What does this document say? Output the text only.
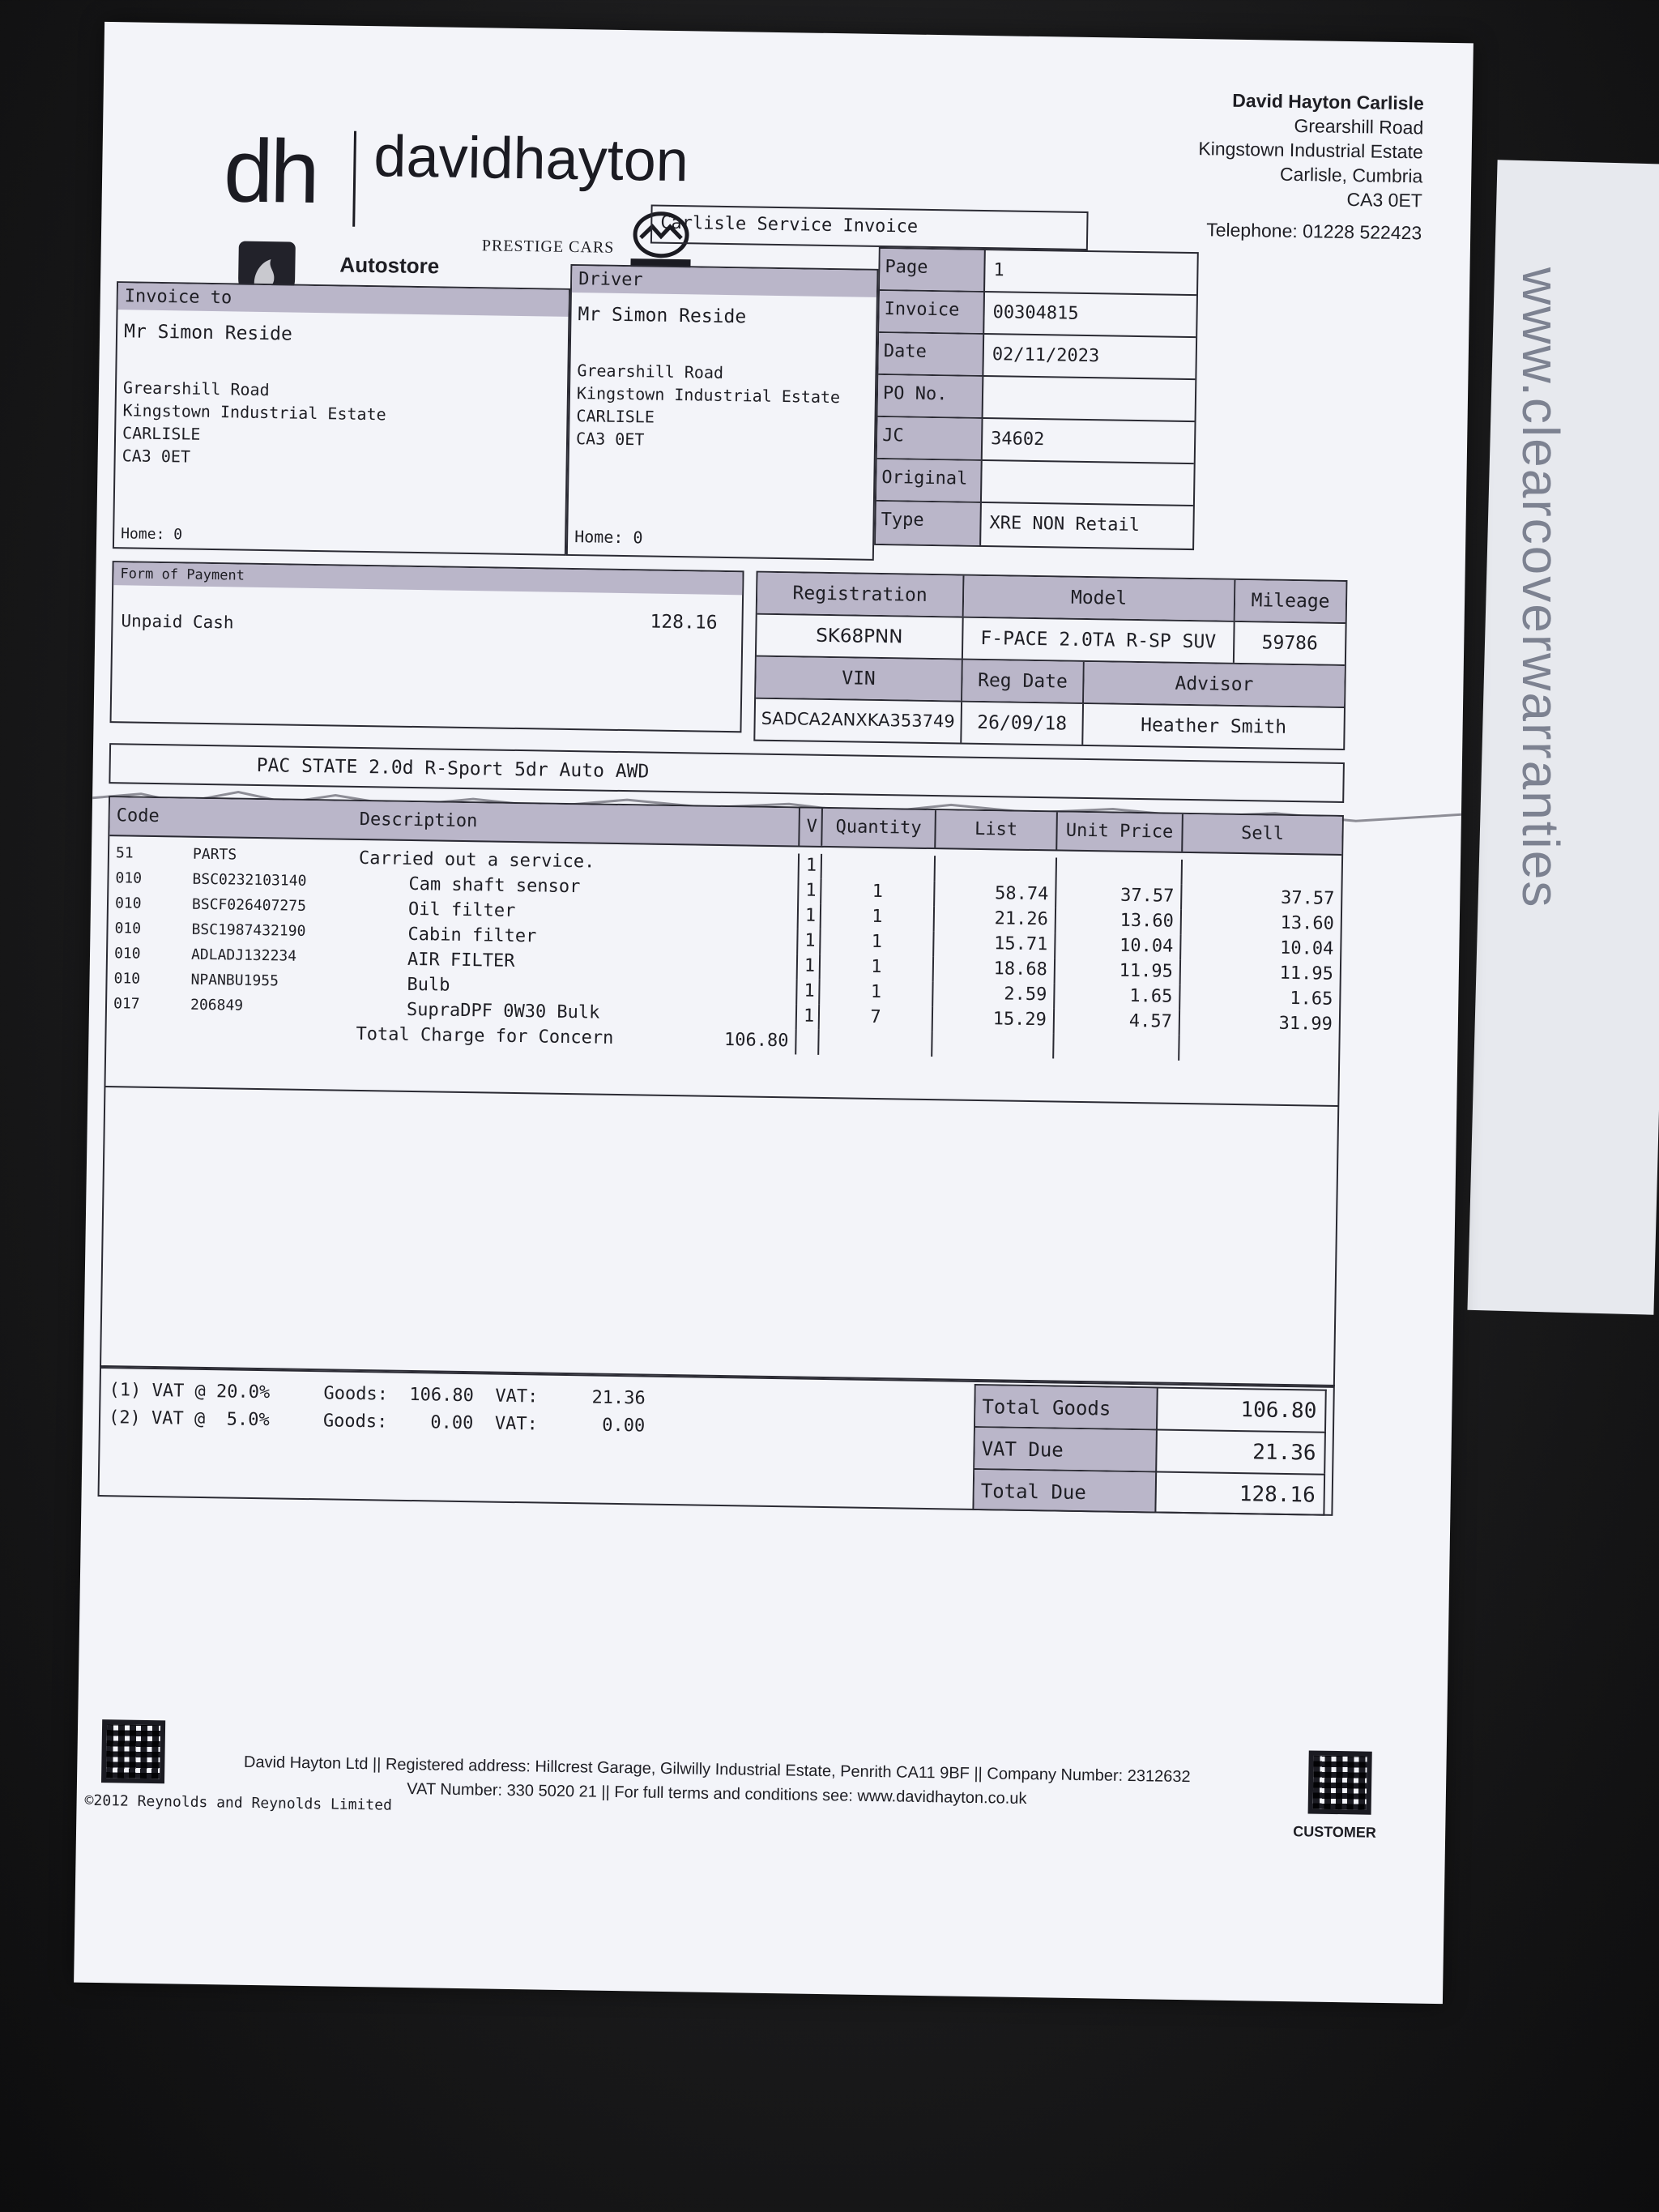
www.clearcoverwarranties
dh davidhayton
Autostore
PRESTIGE CARS
David Hayton Carlisle
Grearshill Road
Kingstown Industrial Estate
Carlisle, Cumbria
CA3 0ET
Telephone: 01228 522423
Carlisle Service Invoice
Page	1
Invoice	00304815
Date	02/11/2023
PO No.
JC	34602
Original
Type	XRE NON Retail
Invoice to
Mr Simon Reside
Grearshill Road
Kingstown Industrial Estate
CARLISLE
CA3 0ET
Home: 0
Driver
Mr Simon Reside
Grearshill Road
Kingstown Industrial Estate
CARLISLE
CA3 0ET
Home: 0
Form of Payment
Unpaid Cash	128.16
Registration	Model	Mileage
SK68PNN	F-PACE 2.0TA R-SP SUV	59786
VIN	Reg Date	Advisor
SADCA2ANXKA353749	26/09/18	Heather Smith
PAC STATE 2.0d R-Sport 5dr Auto AWD
Code	Description	V	Quantity	List	Unit Price	Sell
51	PARTS	Carried out a service.	1
010	BSC0232103140	Cam shaft sensor	1	1	58.74	37.57	37.57
010	BSCF026407275	Oil filter	1	1	21.26	13.60	13.60
010	BSC1987432190	Cabin filter	1	1	15.71	10.04	10.04
010	ADLADJ132234	AIR FILTER	1	1	18.68	11.95	11.95
010	NPANBU1955	Bulb	1	1	2.59	1.65	1.65
017	206849	SupraDPF 0W30 Bulk	1	7	15.29	4.57	31.99
Total Charge for Concern	106.80
(1) VAT @ 20.0%     Goods:  106.80  VAT:     21.36
(2) VAT @  5.0%     Goods:    0.00  VAT:      0.00	Total Goods	106.80
VAT Due	21.36
Total Due	128.16
David Hayton Ltd || Registered address: Hillcrest Garage, Gilwilly Industrial Estate, Penrith CA11 9BF || Company Number: 2312632
VAT Number: 330 5020 21 || For full terms and conditions see: www.davidhayton.co.uk
©2012 Reynolds and Reynolds Limited
CUSTOMER
